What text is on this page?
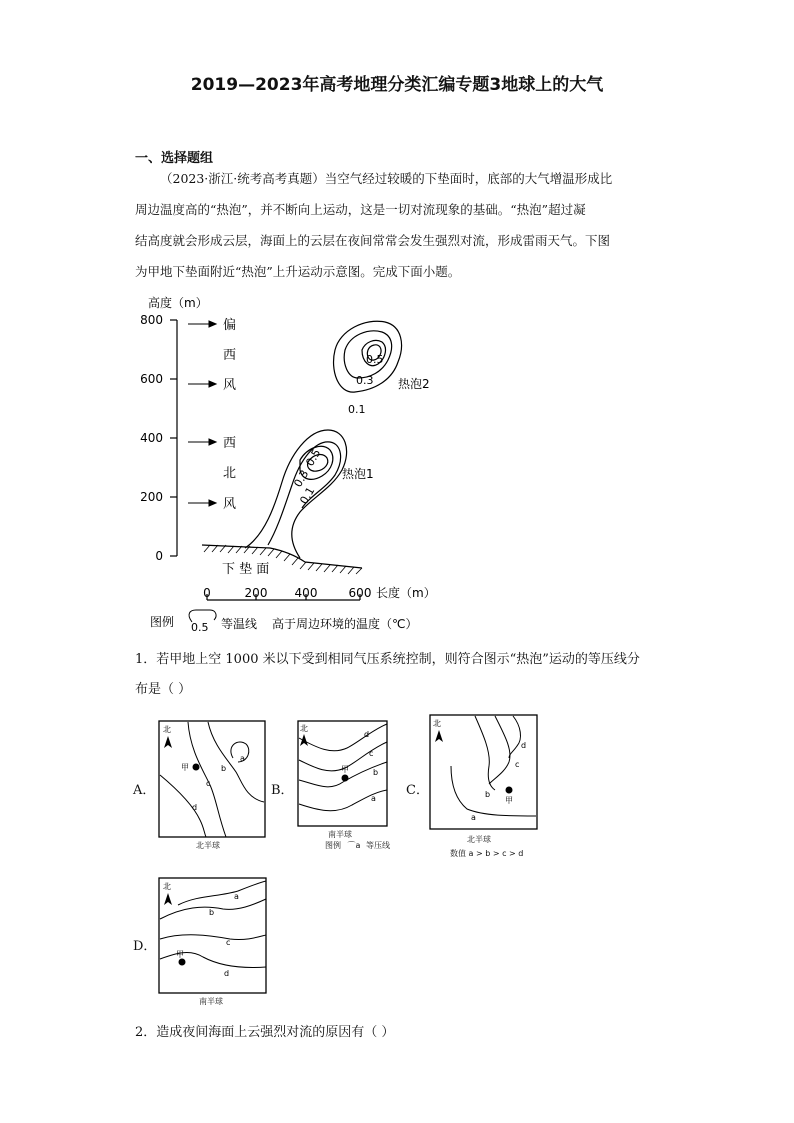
2019—2023年高考地理分类汇编专题3地球上的大气
一、选择题组
（2023·浙江·统考高考真题）当空气经过较暖的下垫面时，底部的大气增温形成比
周边温度高的“热泡”，并不断向上运动，这是一切对流现象的基础。“热泡”超过凝
结高度就会形成云层，海面上的云层在夜间常常会发生强烈对流，形成雷雨天气。下图
为甲地下垫面附近“热泡”上升运动示意图。完成下面小题。
高度（m）
800
600
400
200
0
偏
西
风
西
北
风
下 垫 面
0.5
0.3
0.1
热泡1
0.5
0.3
0.1
热泡2
0	200 400	600 长度（m）
图例 0.5 等温线 高于周边环境的温度（℃）
1．若甲地上空 1000 米以下受到相同气压系统控制，则符合图示“热泡”运动的等压线分
布是（ ）
A．
北
甲
a
b
c
d
北半球
B．
北
甲
d
c
b
a
南半球
图例 ⌒a 等压线
C．
北
甲
d
c
b
a
北半球
数值 a > b > c > d
D．
北
甲
a
b
c
d
南半球
2．造成夜间海面上云强烈对流的原因有（ ）
